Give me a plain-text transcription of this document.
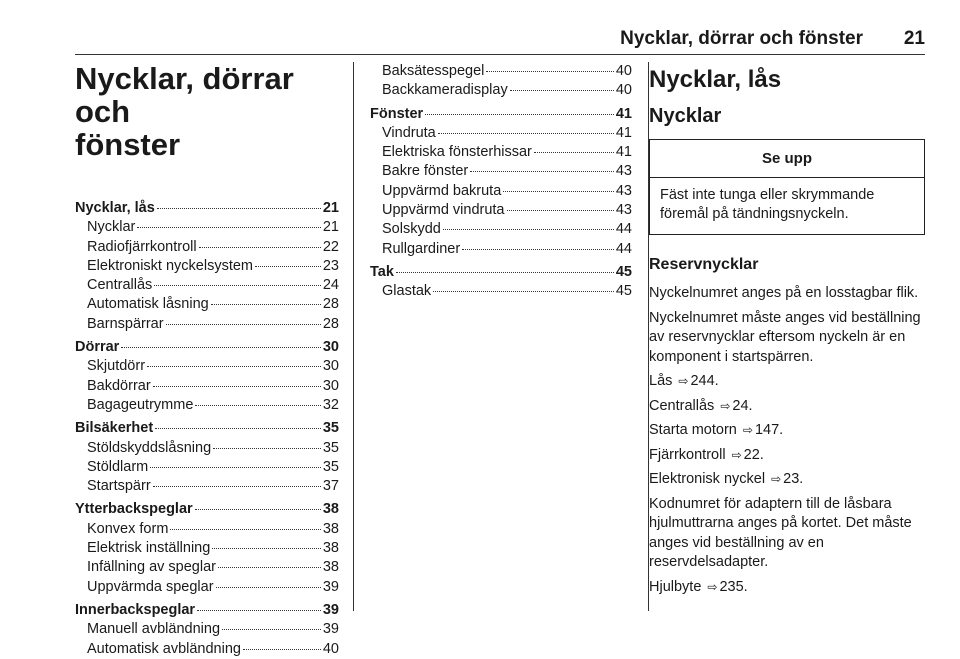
Nycklar, dörrar och fönster 21
Nycklar, dörrar och
fönster
Nycklar, lås	21
Nycklar	21
Radiofjärrkontroll	22
Elektroniskt nyckelsystem	23
Centrallås	24
Automatisk låsning	28
Barnspärrar	28
Dörrar	30
Skjutdörr	30
Bakdörrar	30
Bagageutrymme	32
Bilsäkerhet	35
Stöldskyddslåsning	35
Stöldlarm	35
Startspärr	37
Ytterbackspeglar	38
Konvex form	38
Elektrisk inställning	38
Infällning av speglar	38
Uppvärmda speglar	39
Innerbackspeglar	39
Manuell avbländning	39
Automatisk avbländning	40
Baksätesspegel	40
Backkameradisplay	40
Fönster	41
Vindruta	41
Elektriska fönsterhissar	41
Bakre fönster	43
Uppvärmd bakruta	43
Uppvärmd vindruta	43
Solskydd	44
Rullgardiner	44
Tak	45
Glastak	45
Nycklar, lås
Nycklar
Se upp
Fäst inte tunga eller skrymmande föremål på tändningsnyckeln.
Reservnycklar

Nyckelnumret anges på en losstagbar flik.

Nyckelnumret måste anges vid beställning av reservnycklar eftersom nyckeln är en komponent i startspärren.

Lås ⇨ 244.

Centrallås ⇨ 24.

Starta motorn ⇨ 147.

Fjärrkontroll ⇨ 22.

Elektronisk nyckel ⇨ 23.

Kodnumret för adaptern till de låsbara hjulmuttrarna anges på kortet. Det måste anges vid beställning av en reservdelsadapter.

Hjulbyte ⇨ 235.
